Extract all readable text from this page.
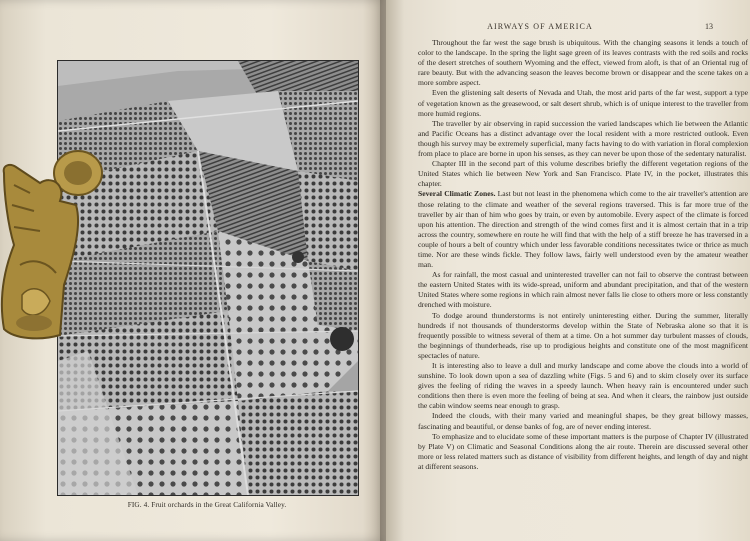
FIG. 4. Fruit orchards in the Great California Valley.
AIRWAYS OF AMERICA	13

Throughout the far west the sage brush is ubiquitous. With the changing seasons it lends a touch of color to the landscape. In the spring the light sage green of its leaves contrasts with the red soils and rocks of the desert stretches of southern Wyoming and the effect, viewed from aloft, is that of an Oriental rug of rare beauty. But with the advancing season the leaves become brown or disappear and the scene takes on a more sombre aspect.

Even the glistening salt deserts of Nevada and Utah, the most arid parts of the far west, support a type of vegetation known as the greasewood, or salt desert shrub, which is of unique interest to the traveller from more humid regions.

The traveller by air observing in rapid succession the varied landscapes which lie between the Atlantic and Pacific Oceans has a distinct advantage over the local resident with a more restricted outlook. Even though his survey may be extremely superficial, many facts having to do with variation in floral complexion from place to place are borne in upon his senses, as they can never be upon those of the sedentary naturalist.

Chapter III in the second part of this volume describes briefly the different vegetation regions of the United States which lie between New York and San Francisco. Plate IV, in the pocket, illustrates this chapter.

Several Climatic Zones. Last but not least in the phenomena which come to the air traveller's attention are those relating to the climate and weather of the several regions traversed. This is far more true of the traveller by air than of him who goes by train, or even by automobile. Every aspect of the climate is forced upon his attention. The direction and strength of the wind comes first and it is almost certain that in a trip across the country, somewhere en route he will find that with the help of a stiff breeze he has traversed in a couple of hours a belt of country which under less favorable conditions necessitates twice or thrice as much time. Nor are these winds fickle. They follow laws, fairly well understood even by the amateur weather man.

As for rainfall, the most casual and uninterested traveller can not fail to observe the contrast between the eastern United States with its wide-spread, uniform and abundant precipitation, and that of the western United States where some regions in which rain almost never falls lie close to others more or less constantly drenched with moisture.

To dodge around thunderstorms is not entirely uninteresting either. During the summer, literally hundreds if not thousands of thunderstorms develop within the State of Nebraska alone so that it is frequently possible to witness several of them at a time. On a hot summer day turbulent masses of clouds, the beginnings of thunderheads, rise up to prodigious heights and constitute one of the most magnificent spectacles of nature.

It is interesting also to leave a dull and murky landscape and come above the clouds into a world of sunshine. To look down upon a sea of dazzling white (Figs. 5 and 6) and to skim closely over its surface gives the feeling of riding the waves in a speedy launch. When heavy rain is encountered under such conditions then there is even more the feeling of being at sea. And when it clears, the rainbow just outside the cabin window seems near enough to grasp.

Indeed the clouds, with their many varied and meaningful shapes, be they great billowy masses, fascinating and beautiful, or dense banks of fog, are of never ending interest.

To emphasize and to elucidate some of these important matters is the purpose of Chapter IV (illustrated by Plate V) on Climatic and Seasonal Conditions along the air route. Therein are discussed several other more or less related matters such as distance of visibility from different heights, and length of day and night at different seasons.
